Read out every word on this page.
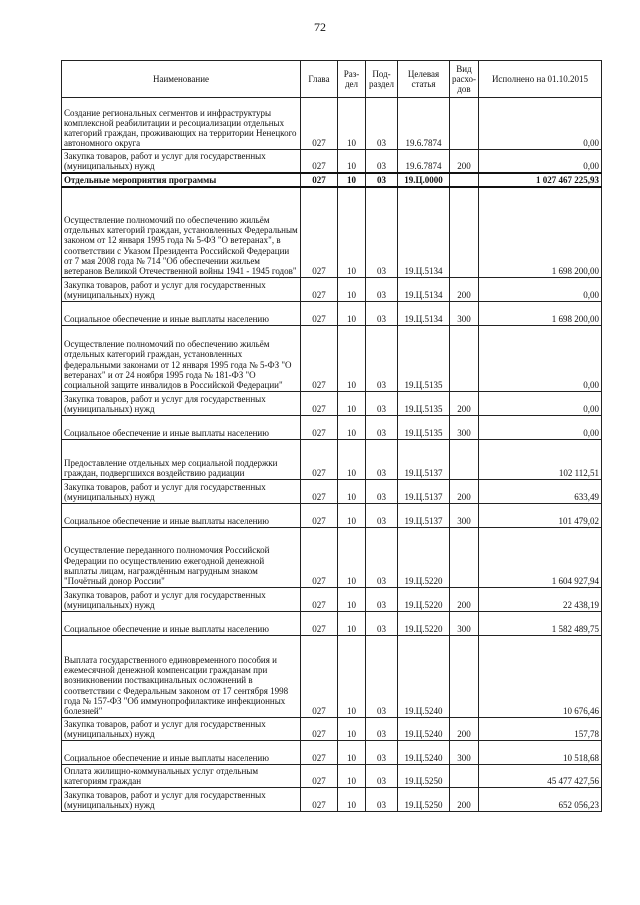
72
Наименование	Глава	Раз-дел	Под-раздел	Целевая статья	Вид расхо-дов	Исполнено на 01.10.2015
Создание региональных сегментов и инфраструктуры комплексной реабилитации и ресоциализации отдельных категорий граждан, проживающих на территории Ненецкого автономного округа	027	10	03	19.6.7874		0,00
Закупка товаров, работ и услуг для государственных (муниципальных) нужд	027	10	03	19.6.7874	200	0,00
Отдельные мероприятия программы	027	10	03	19.Ц.0000		1 027 467 225,93
Осуществление полномочий по обеспечению жильём отдельных категорий граждан, установленных Федеральным законом от 12 января 1995 года № 5-ФЗ "О ветеранах", в соответствии с Указом Президента Российской Федерации от 7 мая 2008 года № 714 "Об обеспечении жильем ветеранов Великой Отечественной войны 1941 - 1945 годов"	027	10	03	19.Ц.5134		1 698 200,00
Закупка товаров, работ и услуг для государственных (муниципальных) нужд	027	10	03	19.Ц.5134	200	0,00
Социальное обеспечение и иные выплаты населению	027	10	03	19.Ц.5134	300	1 698 200,00
Осуществление полномочий по обеспечению жильём отдельных категорий граждан, установленных федеральными законами от 12 января 1995 года № 5-ФЗ "О ветеранах" и от 24 ноября 1995 года № 181-ФЗ "О социальной защите инвалидов в Российской Федерации"	027	10	03	19.Ц.5135		0,00
Закупка товаров, работ и услуг для государственных (муниципальных) нужд	027	10	03	19.Ц.5135	200	0,00
Социальное обеспечение и иные выплаты населению	027	10	03	19.Ц.5135	300	0,00
Предоставление отдельных мер социальной поддержки граждан, подвергшихся воздействию радиации	027	10	03	19.Ц.5137		102 112,51
Закупка товаров, работ и услуг для государственных (муниципальных) нужд	027	10	03	19.Ц.5137	200	633,49
Социальное обеспечение и иные выплаты населению	027	10	03	19.Ц.5137	300	101 479,02
Осуществление переданного полномочия Российской Федерации по осуществлению ежегодной денежной выплаты лицам, награждённым нагрудным знаком "Почётный донор России"	027	10	03	19.Ц.5220		1 604 927,94
Закупка товаров, работ и услуг для государственных (муниципальных) нужд	027	10	03	19.Ц.5220	200	22 438,19
Социальное обеспечение и иные выплаты населению	027	10	03	19.Ц.5220	300	1 582 489,75
Выплата государственного единовременного пособия и ежемесячной денежной компенсации гражданам при возникновении поствакцинальных осложнений в соответствии с Федеральным законом от 17 сентября 1998 года № 157-ФЗ "Об иммунопрофилактике инфекционных болезней"	027	10	03	19.Ц.5240		10 676,46
Закупка товаров, работ и услуг для государственных (муниципальных) нужд	027	10	03	19.Ц.5240	200	157,78
Социальное обеспечение и иные выплаты населению	027	10	03	19.Ц.5240	300	10 518,68
Оплата жилищно-коммунальных услуг отдельным категориям граждан	027	10	03	19.Ц.5250		45 477 427,56
Закупка товаров, работ и услуг для государственных (муниципальных) нужд	027	10	03	19.Ц.5250	200	652 056,23
